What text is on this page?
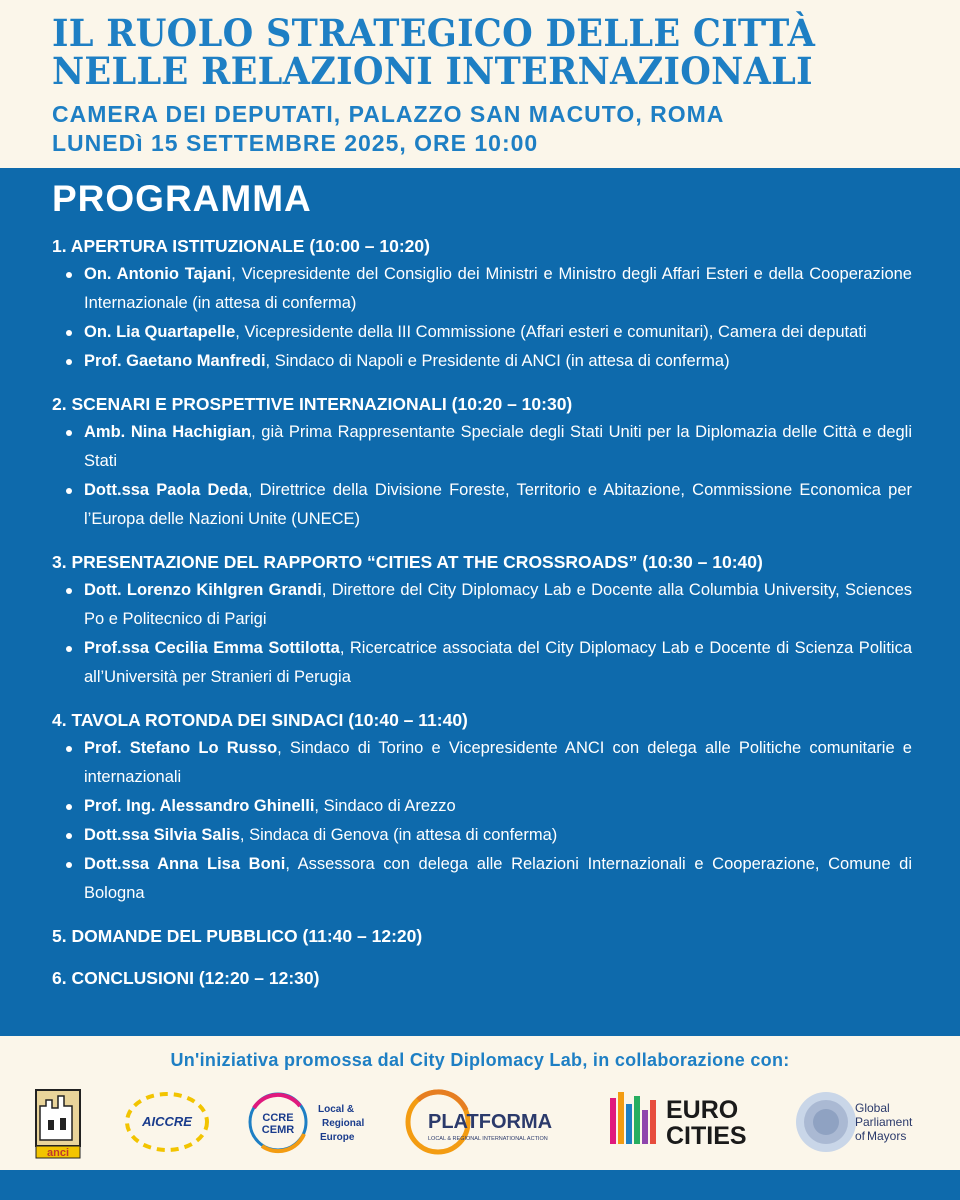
IL RUOLO STRATEGICO DELLE CITTÀ
NELLE RELAZIONI INTERNAZIONALI
CAMERA DEI DEPUTATI, PALAZZO SAN MACUTO, ROMA
LUNEDì 15 SETTEMBRE 2025, ORE 10:00
PROGRAMMA
1. APERTURA ISTITUZIONALE (10:00 – 10:20)
On. Antonio Tajani, Vicepresidente del Consiglio dei Ministri e Ministro degli Affari Esteri e della Cooperazione Internazionale (in attesa di conferma)
On. Lia Quartapelle, Vicepresidente della III Commissione (Affari esteri e comunitari), Camera dei deputati
Prof. Gaetano Manfredi, Sindaco di Napoli e Presidente di ANCI (in attesa di conferma)
2. SCENARI E PROSPETTIVE INTERNAZIONALI (10:20 – 10:30)
Amb. Nina Hachigian, già Prima Rappresentante Speciale degli Stati Uniti per la Diplomazia delle Città e degli Stati
Dott.ssa Paola Deda, Direttrice della Divisione Foreste, Territorio e Abitazione, Commissione Economica per l’Europa delle Nazioni Unite (UNECE)
3. PRESENTAZIONE DEL RAPPORTO “CITIES AT THE CROSSROADS” (10:30 – 10:40)
Dott. Lorenzo Kihlgren Grandi, Direttore del City Diplomacy Lab e Docente alla Columbia University, Sciences Po e Politecnico di Parigi
Prof.ssa Cecilia Emma Sottilotta, Ricercatrice associata del City Diplomacy Lab e Docente di Scienza Politica all’Università per Stranieri di Perugia
4. TAVOLA ROTONDA DEI SINDACI (10:40 – 11:40)
Prof. Stefano Lo Russo, Sindaco di Torino e Vicepresidente ANCI con delega alle Politiche comunitarie e internazionali
Prof. Ing. Alessandro Ghinelli, Sindaco di Arezzo
Dott.ssa Silvia Salis, Sindaca di Genova (in attesa di conferma)
Dott.ssa Anna Lisa Boni, Assessora con delega alle Relazioni Internazionali e Cooperazione, Comune di Bologna
5. DOMANDE DEL PUBBLICO (11:40 – 12:20)
6. CONCLUSIONI (12:20 – 12:30)
Un'iniziativa promossa dal City Diplomacy Lab, in collaborazione con:
anci
AICCRE	CCRE
CEMR
Local &
Regional
Europe
PLATFORMA
LOCAL & REGIONAL INTERNATIONAL ACTION
EURO
CITIES
Global
Parliament
of Mayors
